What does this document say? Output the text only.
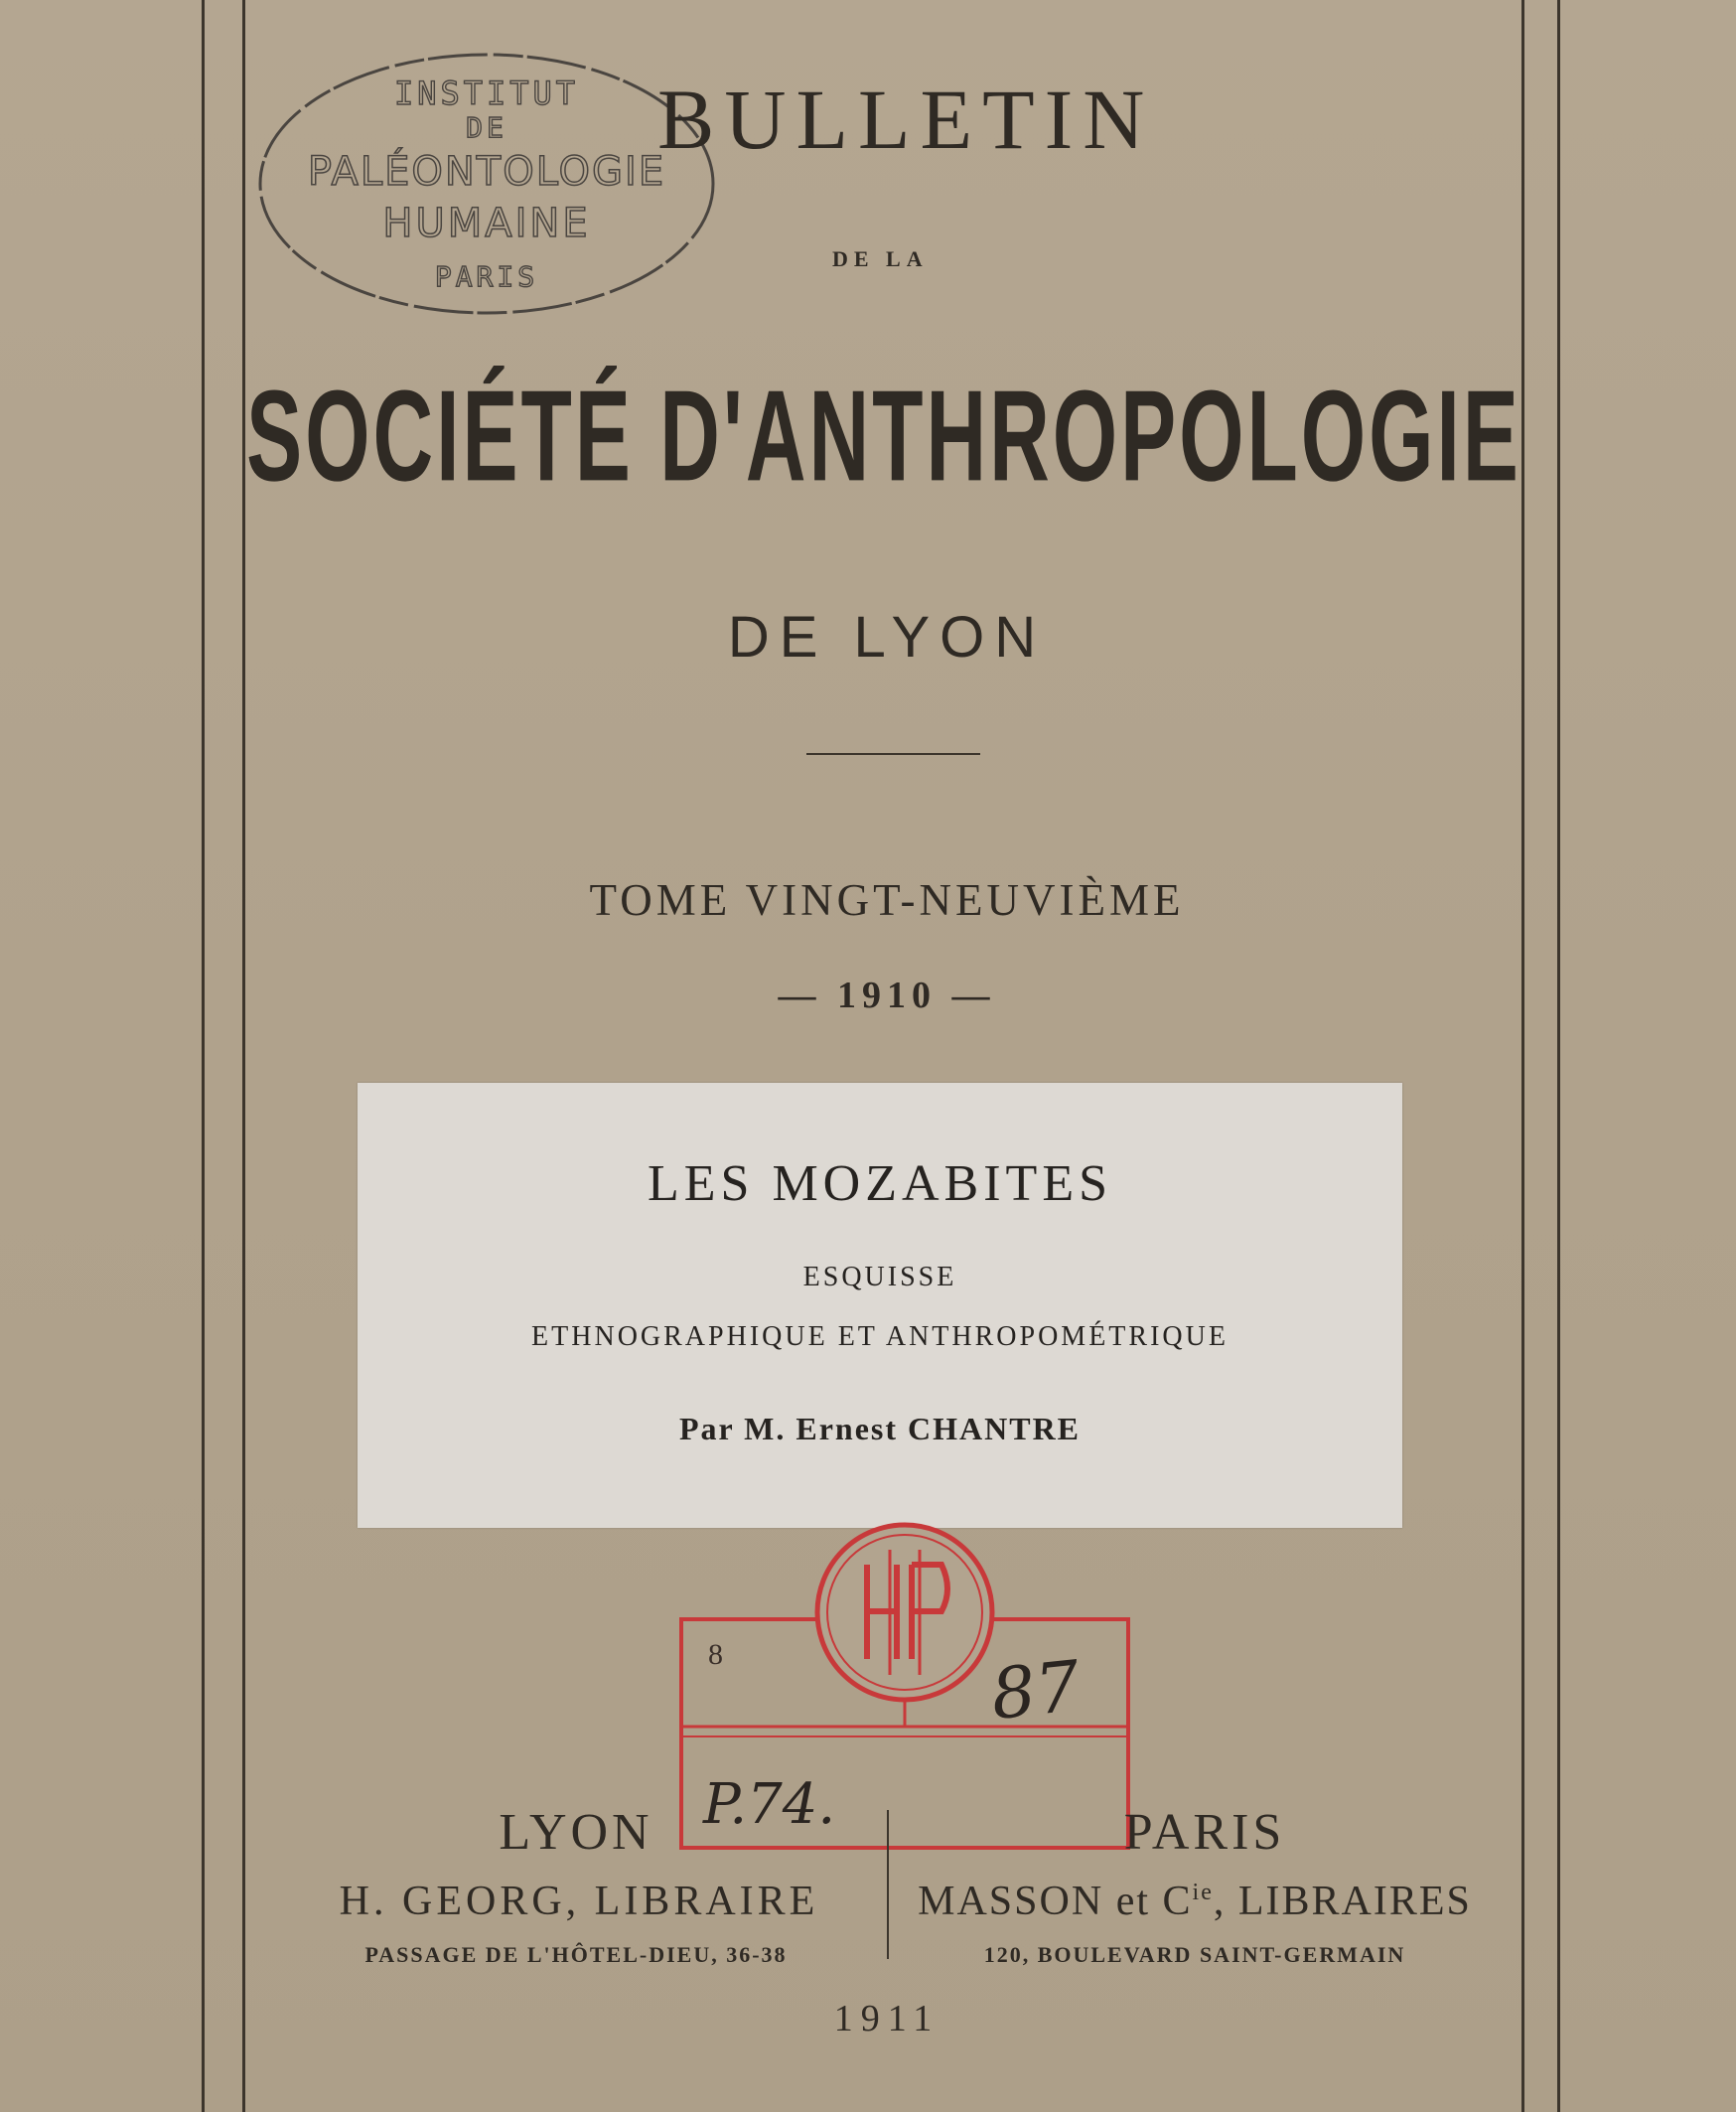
INSTITUT
DE
PALÉONTOLOGIE
HUMAINE
PARIS
BULLETIN
DE LA
SOCIÉTÉ D'ANTHROPOLOGIE
DE LYON
TOME VINGT-NEUVIÈME
— 1910 —
LES MOZABITES
ESQUISSE
ETHNOGRAPHIQUE ET ANTHROPOMÉTRIQUE
Par M. Ernest CHANTRE
8	87
P.74.
LYON	PARIS
H. GEORG, LIBRAIRE MASSON et $C^{ie}$, LIBRAIRES
PASSAGE DE L'HÔTEL-DIEU, 36-38	120, BOULEVARD SAINT-GERMAIN
1911
